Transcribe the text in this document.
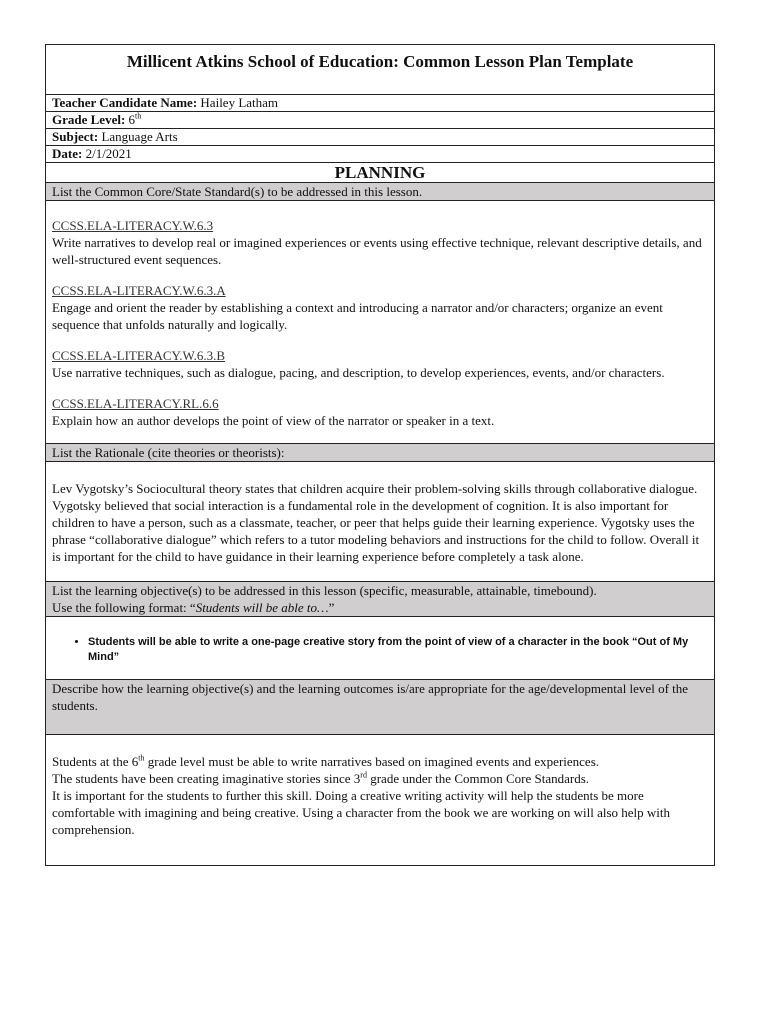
Millicent Atkins School of Education: Common Lesson Plan Template
Teacher Candidate Name: Hailey Latham
Grade Level: 6th
Subject: Language Arts
Date: 2/1/2021
PLANNING
List the Common Core/State Standard(s) to be addressed in this lesson.

CCSS.ELA-LITERACY.W.6.3
Write narratives to develop real or imagined experiences or events using effective technique, relevant descriptive details, and well-structured event sequences.
CCSS.ELA-LITERACY.W.6.3.A
Engage and orient the reader by establishing a context and introducing a narrator and/or characters; organize an event sequence that unfolds naturally and logically.
CCSS.ELA-LITERACY.W.6.3.B
Use narrative techniques, such as dialogue, pacing, and description, to develop experiences, events, and/or characters.
CCSS.ELA-LITERACY.RL.6.6
Explain how an author develops the point of view of the narrator or speaker in a text.

List the Rationale (cite theories or theorists):
Lev Vygotsky’s Sociocultural theory states that children acquire their problem-solving skills through collaborative dialogue. Vygotsky believed that social interaction is a fundamental role in the development of cognition. It is also important for children to have a person, such as a classmate, teacher, or peer that helps guide their learning experience. Vygotsky uses the phrase “collaborative dialogue” which refers to a tutor modeling behaviors and instructions for the child to follow. Overall it is important for the child to have guidance in their learning experience before completely a task alone.

List the learning objective(s) to be addressed in this lesson (specific, measurable, attainable, timebound).
Use the following format: “Students will be able to…”

• Students will be able to write a one-page creative story from the point of view of a character in the book “Out of My Mind”

Describe how the learning objective(s) and the learning outcomes is/are appropriate for the age/developmental level of the students.

Students at the 6th grade level must be able to write narratives based on imagined events and experiences.
The students have been creating imaginative stories since 3rd grade under the Common Core Standards.
It is important for the students to further this skill. Doing a creative writing activity will help the students be more comfortable with imagining and being creative. Using a character from the book we are working on will also help with comprehension.
